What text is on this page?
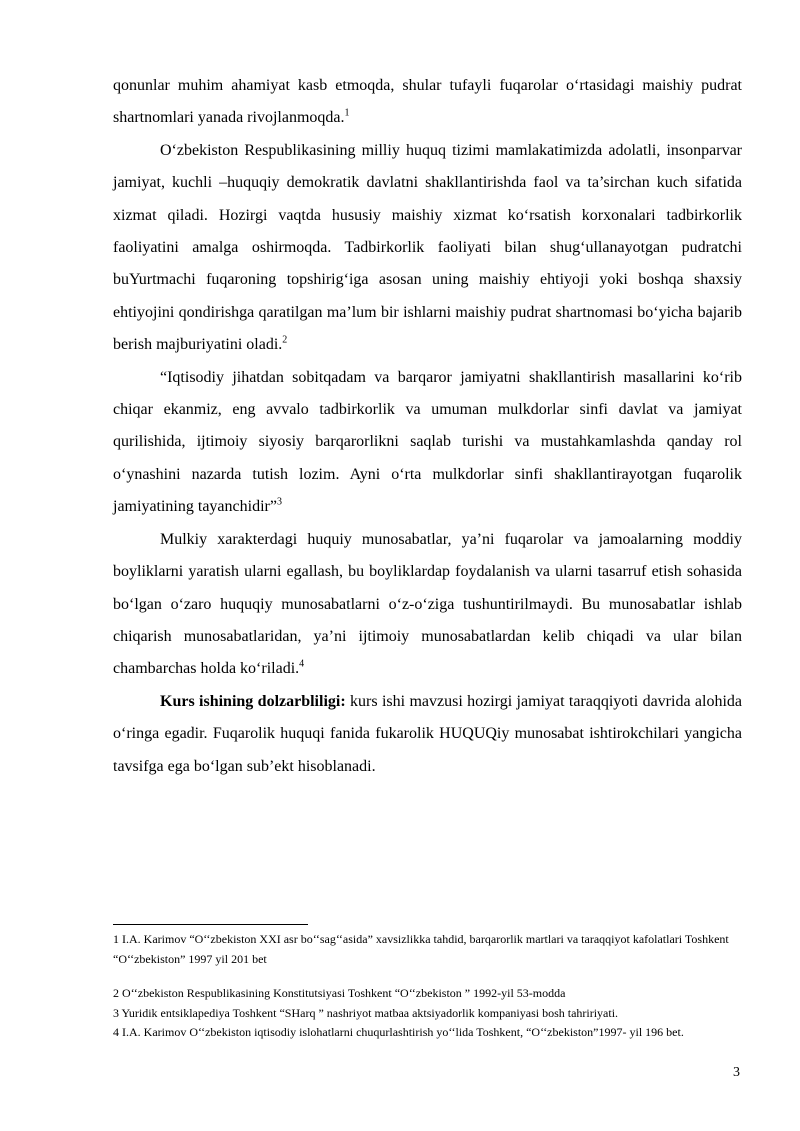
qonunlar muhim ahamiyat kasb etmoqda, shular tufayli fuqarolar o‘rtasidagi maishiy pudrat shartnomlari yanada rivojlanmoqda.$^1$

O‘zbekiston Respublikasining milliy huquq tizimi mamlakatimizda adolatli, insonparvar jamiyat, kuchli –huquqiy demokratik davlatni shakllantirishda faol va ta’sirchan kuch sifatida xizmat qiladi. Hozirgi vaqtda hususiy maishiy xizmat ko‘rsatish korxonalari tadbirkorlik faoliyatini amalga oshirmoqda. Tadbirkorlik faoliyati bilan shug‘ullanayotgan pudratchi buYurtmachi fuqaroning topshirig‘iga asosan uning maishiy ehtiyoji yoki boshqa shaxsiy ehtiyojini qondirishga qaratilgan ma’lum bir ishlarni maishiy pudrat shartnomasi bo‘yicha bajarib berish majburiyatini oladi.$^2$

“Iqtisodiy jihatdan sobitqadam va barqaror jamiyatni shakllantirish masallarini ko‘rib chiqar ekanmiz, eng avvalo tadbirkorlik va umuman mulkdorlar sinfi davlat va jamiyat qurilishida, ijtimoiy siyosiy barqarorlikni saqlab turishi va mustahkamlashda qanday rol o‘ynashini nazarda tutish lozim. Ayni o‘rta mulkdorlar sinfi shakllantirayotgan fuqarolik jamiyatining tayanchidir”$^3$

Mulkiy xarakterdagi huquiy munosabatlar, ya’ni fuqarolar va jamoalarning moddiy boyliklarni yaratish ularni egallash, bu boyliklardap foydalanish va ularni tasarruf etish sohasida bo‘lgan o‘zaro huquqiy munosabatlarni o‘z-o‘ziga tushuntirilmaydi. Bu munosabatlar ishlab chiqarish munosabatlaridan, ya’ni ijtimoiy munosabatlardan kelib chiqadi va ular bilan chambarchas holda ko‘riladi.$^4$

Kurs ishining dolzarbliligi: kurs ishi mavzusi hozirgi jamiyat taraqqiyoti davrida alohida o‘ringa egadir. Fuqarolik huquqi fanida fukarolik HUQUQiy munosabat ishtirokchilari yangicha tavsifga ega bo‘lgan sub’ekt hisoblanadi.

1 I.A. Karimov “O‘‘zbekiston XXI asr bo‘‘sag‘‘asida” xavsizlikka tahdid, barqarorlik martlari va taraqqiyot kafolatlari Toshkent “O‘‘zbekiston” 1997 yil 201 bet

2 O‘‘zbekiston Respublikasining Konstitutsiyasi Toshkent “O‘‘zbekiston ” 1992-yil 53-modda

3 Yuridik entsiklapediya Toshkent “SHarq ” nashriyot matbaa aktsiyadorlik kompaniyasi bosh tahririyati.

4 I.A. Karimov O‘‘zbekiston iqtisodiy islohatlarni chuqurlashtirish yo‘‘lida Toshkent, “O‘‘zbekiston”1997- yil 196 bet.

3
